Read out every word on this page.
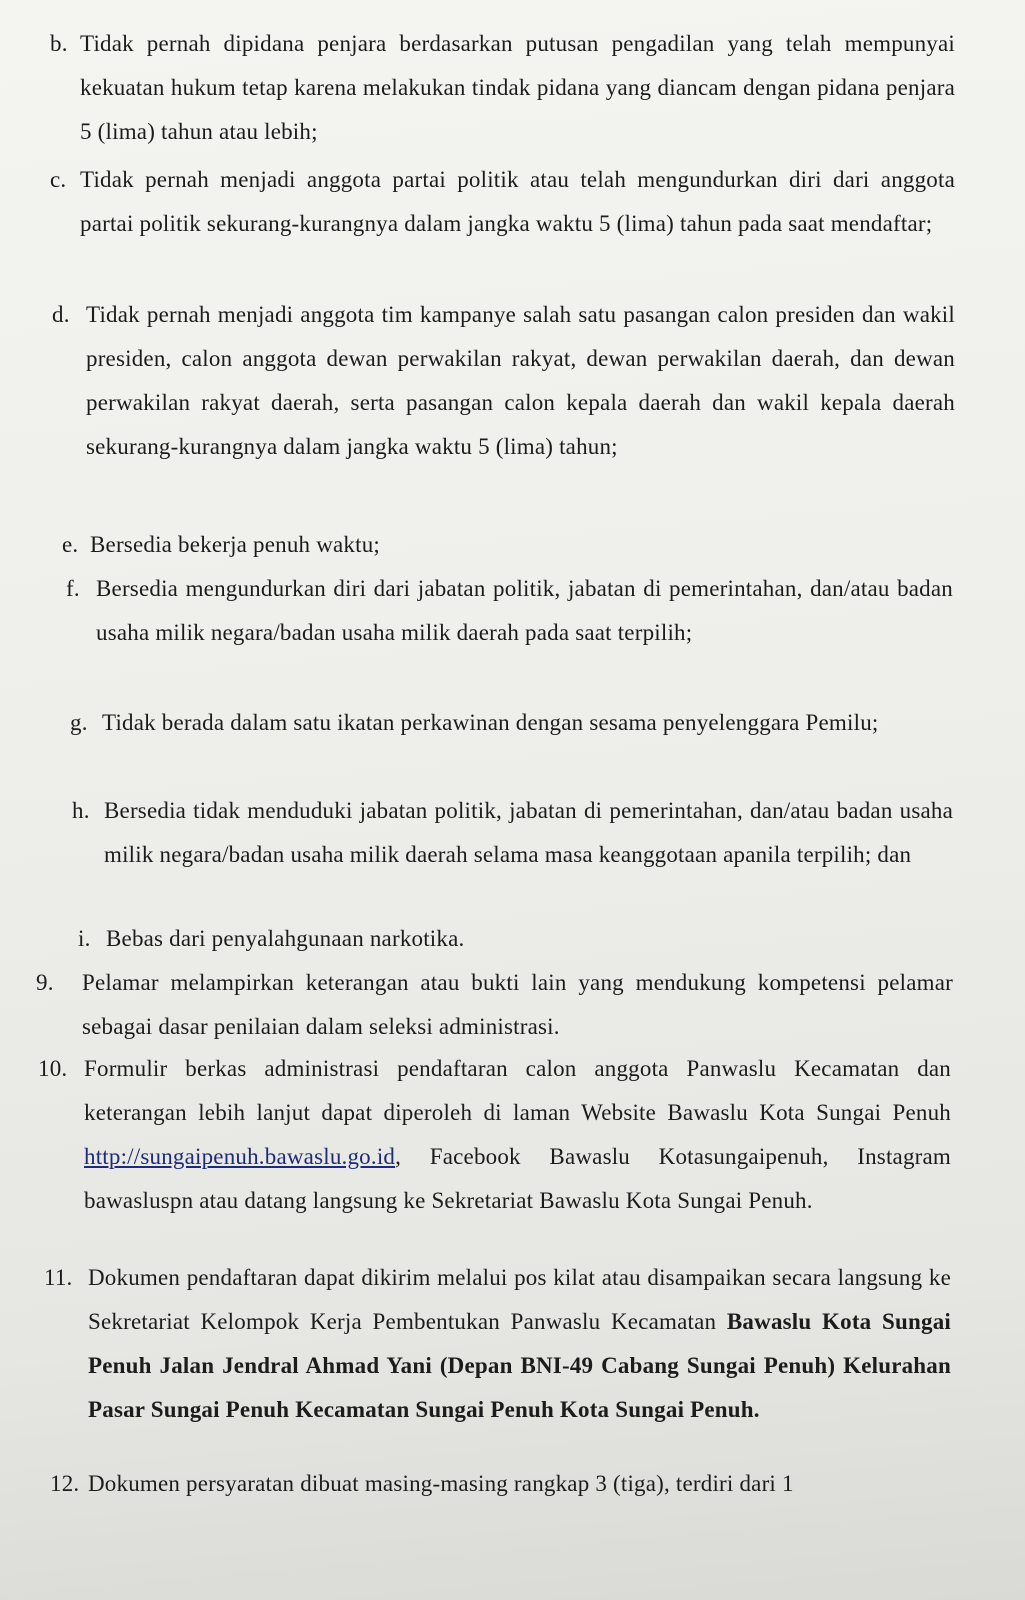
b. Tidak pernah dipidana penjara berdasarkan putusan pengadilan yang telah mempunyai kekuatan hukum tetap karena melakukan tindak pidana yang diancam dengan pidana penjara 5 (lima) tahun atau lebih;
c. Tidak pernah menjadi anggota partai politik atau telah mengundurkan diri dari anggota partai politik sekurang-kurangnya dalam jangka waktu 5 (lima) tahun pada saat mendaftar;
d. Tidak pernah menjadi anggota tim kampanye salah satu pasangan calon presiden dan wakil presiden, calon anggota dewan perwakilan rakyat, dewan perwakilan daerah, dan dewan perwakilan rakyat daerah, serta pasangan calon kepala daerah dan wakil kepala daerah sekurang-kurangnya dalam jangka waktu 5 (lima) tahun;
e. Bersedia bekerja penuh waktu;
f. Bersedia mengundurkan diri dari jabatan politik, jabatan di pemerintahan, dan/atau badan usaha milik negara/badan usaha milik daerah pada saat terpilih;
g. Tidak berada dalam satu ikatan perkawinan dengan sesama penyelenggara Pemilu;
h. Bersedia tidak menduduki jabatan politik, jabatan di pemerintahan, dan/atau badan usaha milik negara/badan usaha milik daerah selama masa keanggotaan apanila terpilih; dan
i. Bebas dari penyalahgunaan narkotika.
9. Pelamar melampirkan keterangan atau bukti lain yang mendukung kompetensi pelamar sebagai dasar penilaian dalam seleksi administrasi.
10. Formulir berkas administrasi pendaftaran calon anggota Panwaslu Kecamatan dan keterangan lebih lanjut dapat diperoleh di laman Website Bawaslu Kota Sungai Penuh http://sungaipenuh.bawaslu.go.id, Facebook Bawaslu Kotasungaipenuh, Instagram bawasluspn atau datang langsung ke Sekretariat Bawaslu Kota Sungai Penuh.
11. Dokumen pendaftaran dapat dikirim melalui pos kilat atau disampaikan secara langsung ke Sekretariat Kelompok Kerja Pembentukan Panwaslu Kecamatan Bawaslu Kota Sungai Penuh Jalan Jendral Ahmad Yani (Depan BNI-49 Cabang Sungai Penuh) Kelurahan Pasar Sungai Penuh Kecamatan Sungai Penuh Kota Sungai Penuh.
12. Dokumen persyaratan dibuat masing-masing rangkap 3 (tiga), terdiri dari 1
